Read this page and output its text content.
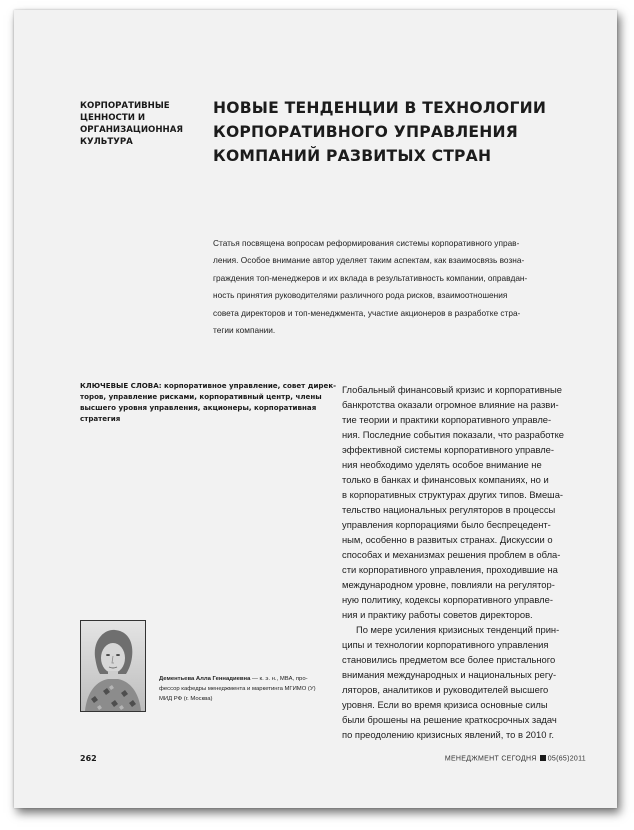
КОРПОРАТИВНЫЕ
ЦЕННОСТИ И
ОРГАНИЗАЦИОННАЯ
КУЛЬТУРА
НОВЫЕ ТЕНДЕНЦИИ В ТЕХНОЛОГИИ
КОРПОРАТИВНОГО УПРАВЛЕНИЯ
КОМПАНИЙ РАЗВИТЫХ СТРАН
Статья посвящена вопросам реформирования системы корпоративного управ-
ления. Особое внимание автор уделяет таким аспектам, как взаимосвязь возна-
граждения топ-менеджеров и их вклада в результативность компании, оправдан-
ность принятия руководителями различного рода рисков, взаимоотношения
совета директоров и топ-менеджмента, участие акционеров в разработке стра-
тегии компании.
КЛЮЧЕВЫЕ СЛОВА: корпоративное управление, совет дирек-
торов, управление рисками, корпоративный центр, члены
высшего уровня управления, акционеры, корпоративная
стратегия
Глобальный финансовый кризис и корпоративные
банкротства оказали огромное влияние на разви-
тие теории и практики корпоративного управле-
ния. Последние события показали, что разработке
эффективной системы корпоративного управле-
ния необходимо уделять особое внимание не
только в банках и финансовых компаниях, но и
в корпоративных структурах других типов. Вмеша-
тельство национальных регуляторов в процессы
управления корпорациями было беспрецедент-
ным, особенно в развитых странах. Дискуссии о
способах и механизмах решения проблем в обла-
сти корпоративного управления, проходившие на
международном уровне, повлияли на регулятор-
ную политику, кодексы корпоративного управле-
ния и практику работы советов директоров.
По мере усиления кризисных тенденций прин-
ципы и технологии корпоративного управления
становились предметом все более пристального
внимания международных и национальных регу-
ляторов, аналитиков и руководителей высшего
уровня. Если во время кризиса основные силы
были брошены на решение краткосрочных задач
по преодолению кризисных явлений, то в 2010 г.
Дементьева Алла Геннадиевна — к. э. н., MBA, про-
фессор кафедры менеджмента и маркетинга МГИМО (У)
МИД РФ (г. Москва)
262	МЕНЕДЖМЕНТ СЕГОДНЯ 05(65)2011
